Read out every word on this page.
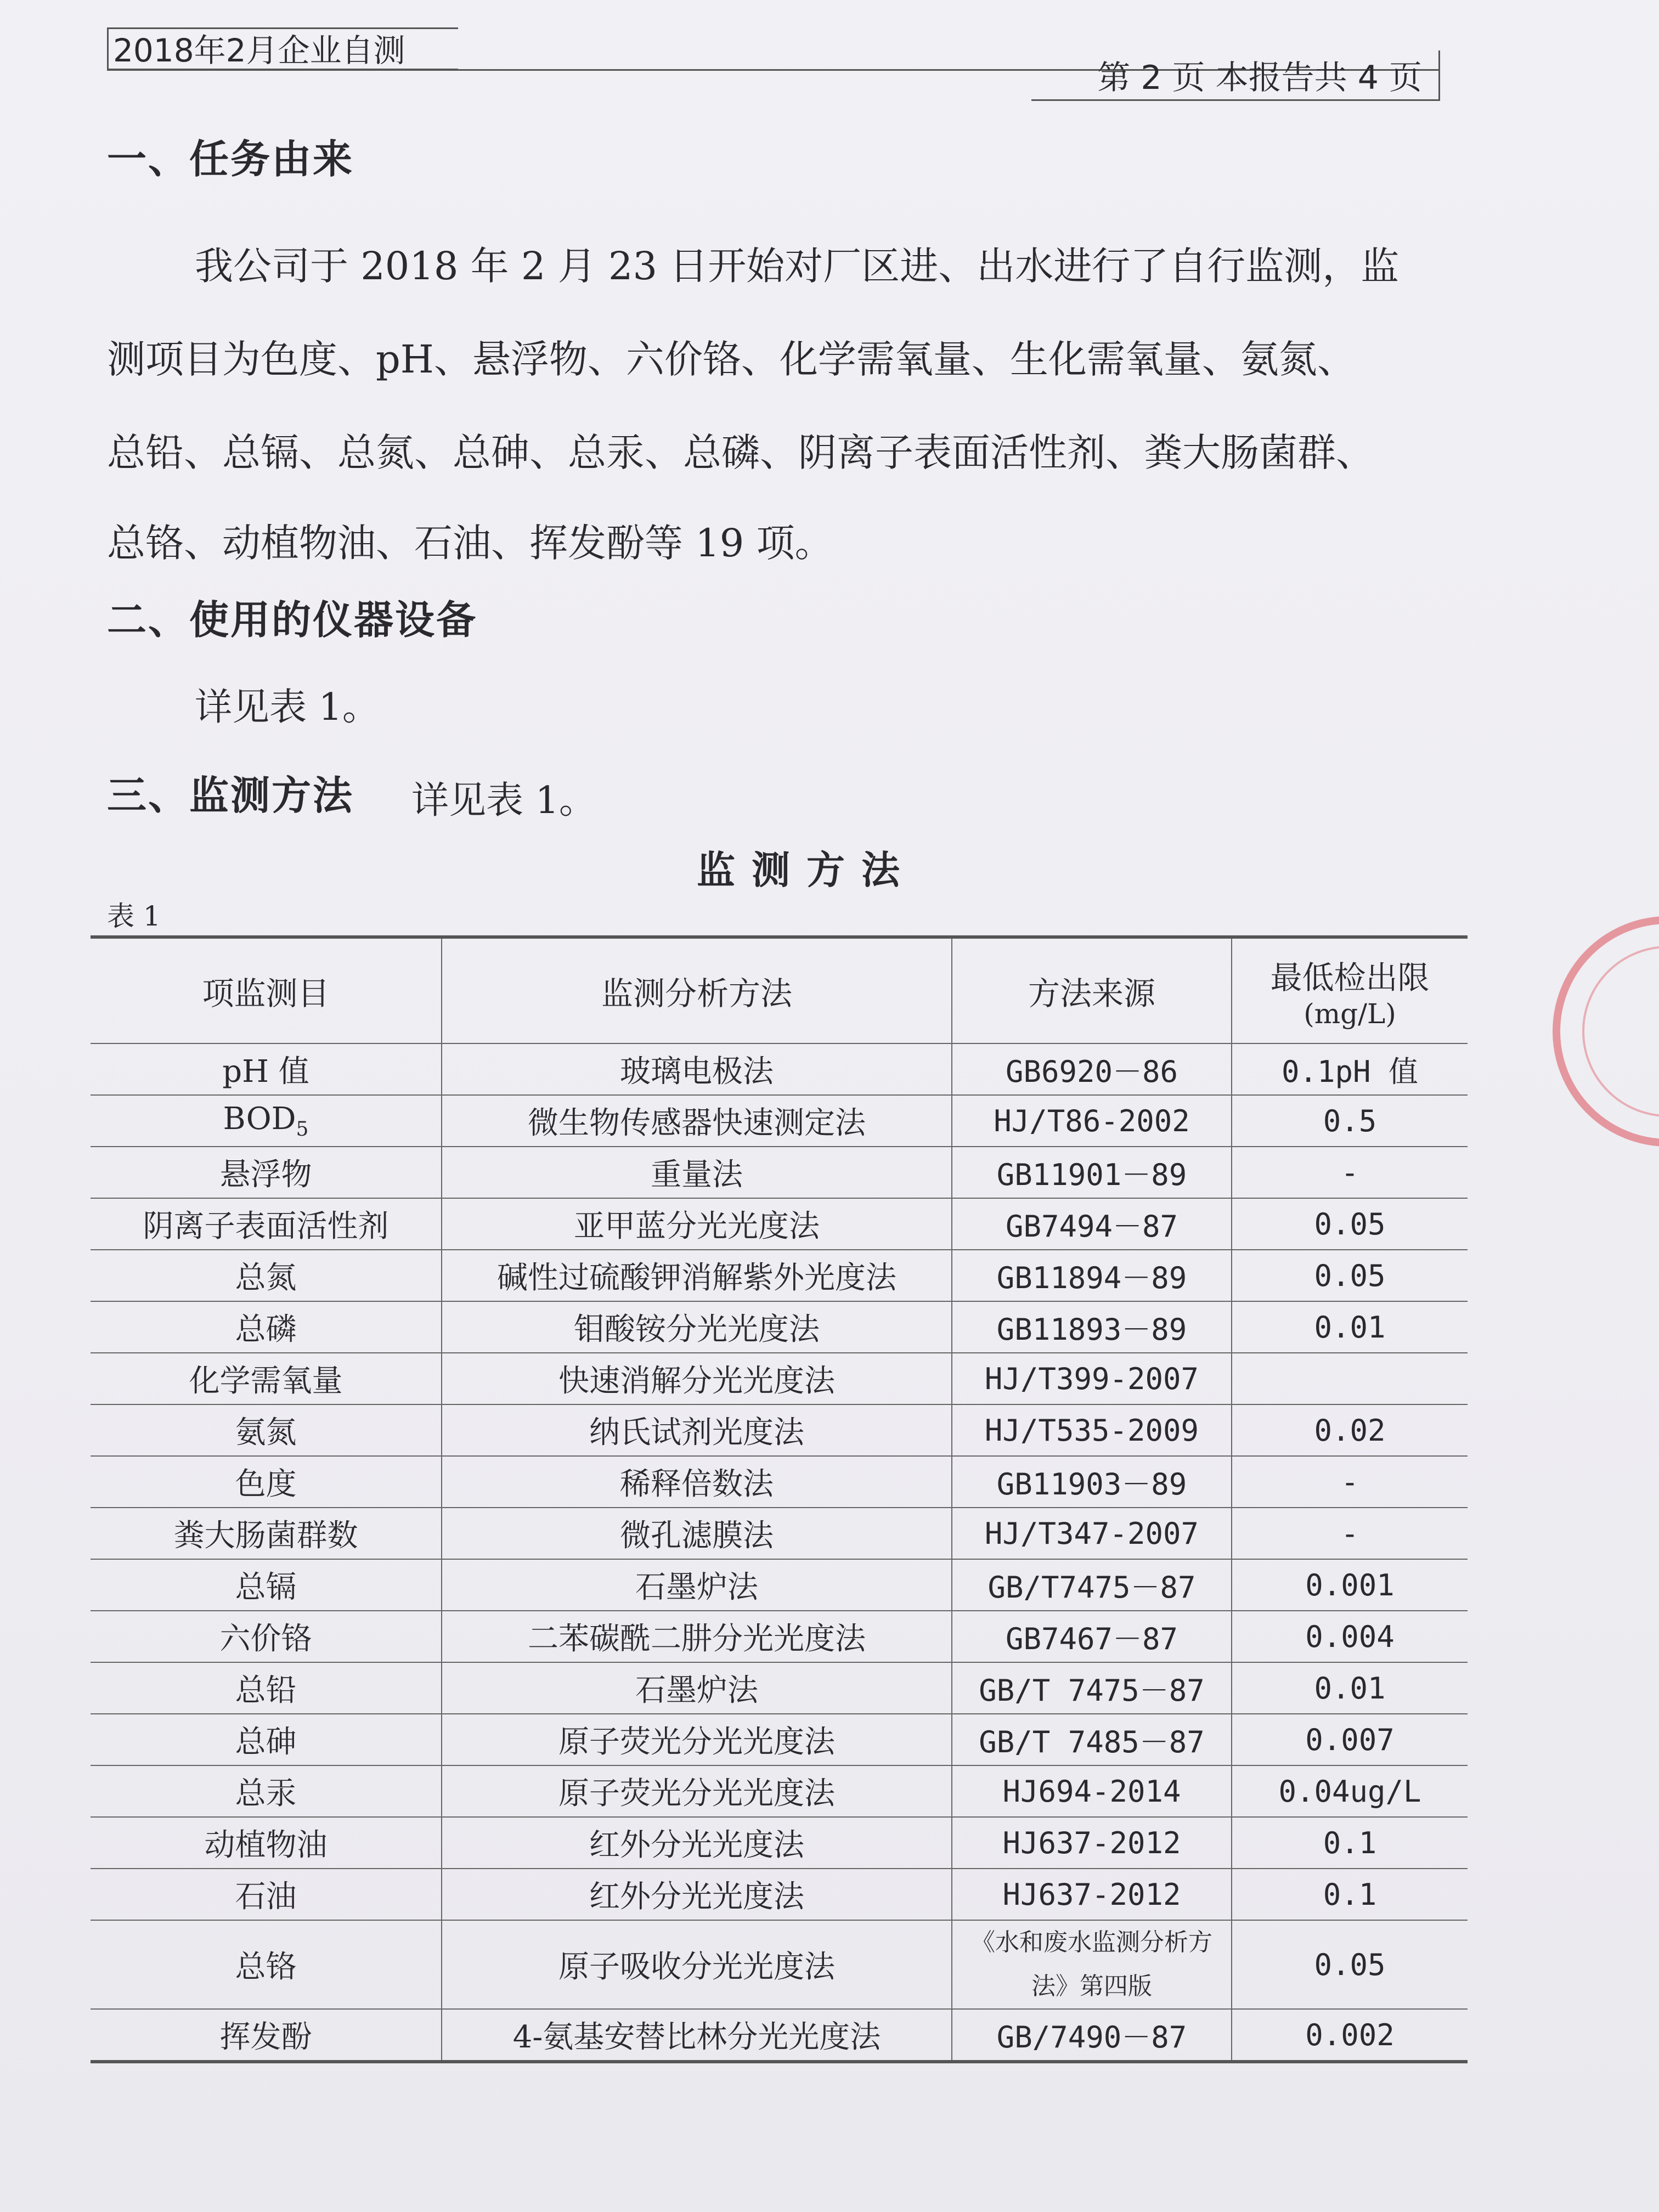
2018年2月企业自测
第 2 页 本报告共 4 页
一、任务由来

我公司于 2018 年 2 月 23 日开始对厂区进、出水进行了自行监测，监

测项目为色度、pH、悬浮物、六价铬、化学需氧量、生化需氧量、氨氮、

总铅、总镉、总氮、总砷、总汞、总磷、阴离子表面活性剂、粪大肠菌群、

总铬、动植物油、石油、挥发酚等 19 项。

二、使用的仪器设备
详见表 1。
三、监测方法 详见表 1。
监测方法
表 1
项监测目	监测分析方法	方法来源	最低检出限
(mg/L)

pH 值	玻璃电极法	GB6920－86	0.1pH 值
$BOD_5$	微生物传感器快速测定法	HJ/T86-2002	0.5
悬浮物	重量法	GB11901－89	-
阴离子表面活性剂	亚甲蓝分光光度法	GB7494－87	0.05
总氮	碱性过硫酸钾消解紫外光度法	GB11894－89	0.05
总磷	钼酸铵分光光度法	GB11893－89	0.01
化学需氧量	快速消解分光光度法	HJ/T399-2007	
氨氮	纳氏试剂光度法	HJ/T535-2009	0.02
色度	稀释倍数法	GB11903－89	-
粪大肠菌群数	微孔滤膜法	HJ/T347-2007	-
总镉	石墨炉法	GB/T7475－87	0.001
六价铬	二苯碳酰二肼分光光度法	GB7467－87	0.004
总铅	石墨炉法	GB/T 7475－87	0.01
总砷	原子荧光分光光度法	GB/T 7485－87	0.007
总汞	原子荧光分光光度法	HJ694-2014	0.04ug/L
动植物油	红外分光光度法	HJ637-2012	0.1
石油	红外分光光度法	HJ637-2012	0.1
总铬	原子吸收分光光度法	《水和废水监测分析方法》第四版	0.05
挥发酚	4-氨基安替比林分光光度法	GB/7490－87	0.002
